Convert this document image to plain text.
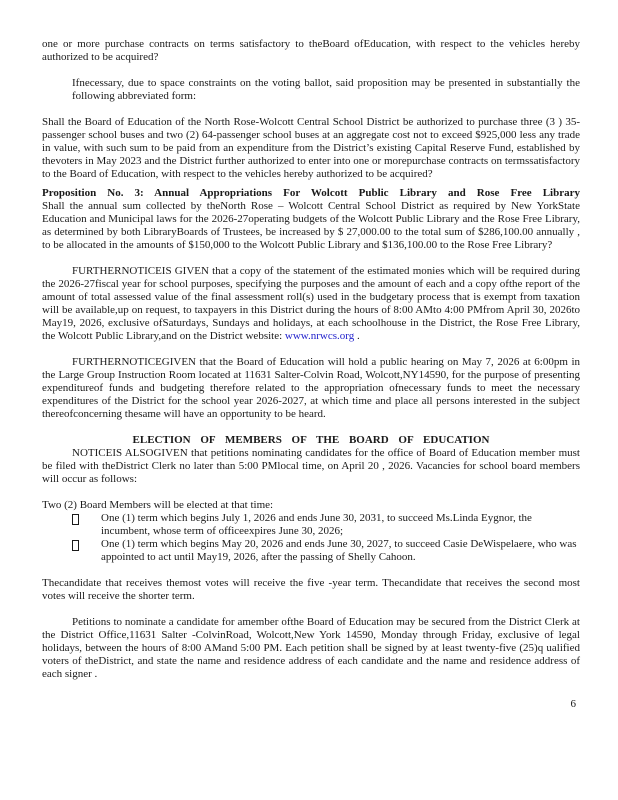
one or more purchase contracts on terms satisfactory to theBoard ofEducation, with respect to the vehicles hereby authorized to be acquired?

Ifnecessary, due to space constraints on the voting ballot, said proposition may be presented in substantially the following abbreviated form:

Shall the Board of Education of the North Rose-Wolcott Central School District be authorized to purchase three (3 ) 35-passenger school buses and two (2) 64-passenger school buses at an aggregate cost not to exceed $925,000 less any trade in value, with such sum to be paid from an expenditure from the District’s existing Capital Reserve Fund, established by thevoters in May 2023 and the District further authorized to enter into one or morepurchase contracts on termssatisfactory to the Board of Education, with respect to the vehicles hereby authorized to be acquired?

Proposition No. 3: Annual Appropriations For Wolcott Public Library and Rose Free Library

Shall the annual sum collected by theNorth Rose – Wolcott Central School District as required by New YorkState Education and Municipal laws for the 2026-27operating budgets of the Wolcott Public Library and the Rose Free Library, as determined by both LibraryBoards of Trustees, be increased by $ 27,000.00 to the total sum of $286,100.00 annually , to be allocated in the amounts of $150,000 to the Wolcott Public Library and $136,100.00 to the Rose Free Library?

FURTHERNOTICEIS GIVEN that a copy of the statement of the estimated monies which will be required during the 2026-27fiscal year for school purposes, specifying the purposes and the amount of each and a copy ofthe report of the amount of total assessed value of the final assessment roll(s) used in the budgetary process that is exempt from taxation will be available,up on request, to taxpayers in this District during the hours of 8:00 AMto 4:00 PMfrom April 30, 2026to May19, 2026, exclusive ofSaturdays, Sundays and holidays, at each schoolhouse in the District, the Rose Free Library, the Wolcott Public Library,and on the District website: www.nrwcs.org .

FURTHERNOTICEGIVEN that the Board of Education will hold a public hearing on May 7, 2026 at 6:00pm in the Large Group Instruction Room located at 11631 Salter-Colvin Road, Wolcott,NY14590, for the purpose of presenting expenditureof funds and budgeting therefore related to the appropriation ofnecessary funds to meet the necessary expenditures of the District for the school year 2026-2027, at which time and place all persons interested in the subject thereofconcerning thesame will have an opportunity to be heard.

ELECTION OF MEMBERS OF THE BOARD OF EDUCATION

NOTICEIS ALSOGIVEN that petitions nominating candidates for the office of Board of Education member must be filed with theDistrict Clerk no later than 5:00 PMlocal time, on April 20 , 2026. Vacancies for school board members will occur as follows:

Two (2) Board Members will be elected at that time:

One (1) term which begins July 1, 2026 and ends June 30, 2031, to succeed Ms.Linda Eygnor, the incumbent, whose term of officeexpires June 30, 2026;
One (1) term which begins May 20, 2026 and ends June 30, 2027, to succeed Casie DeWispelaere, who was appointed to act until May19, 2026, after the passing of Shelly Cahoon.

Thecandidate that receives themost votes will receive the five -year term. Thecandidate that receives the second most votes will receive the shorter term.

Petitions to nominate a candidate for amember ofthe Board of Education may be secured from the District Clerk at the District Office,11631 Salter -ColvinRoad, Wolcott,New York 14590, Monday through Friday, exclusive of legal holidays, between the hours of 8:00 AMand 5:00 PM. Each petition shall be signed by at least twenty-five (25)q ualified voters of theDistrict, and state the name and residence address of each candidate and the name and residence address of each signer .

6
